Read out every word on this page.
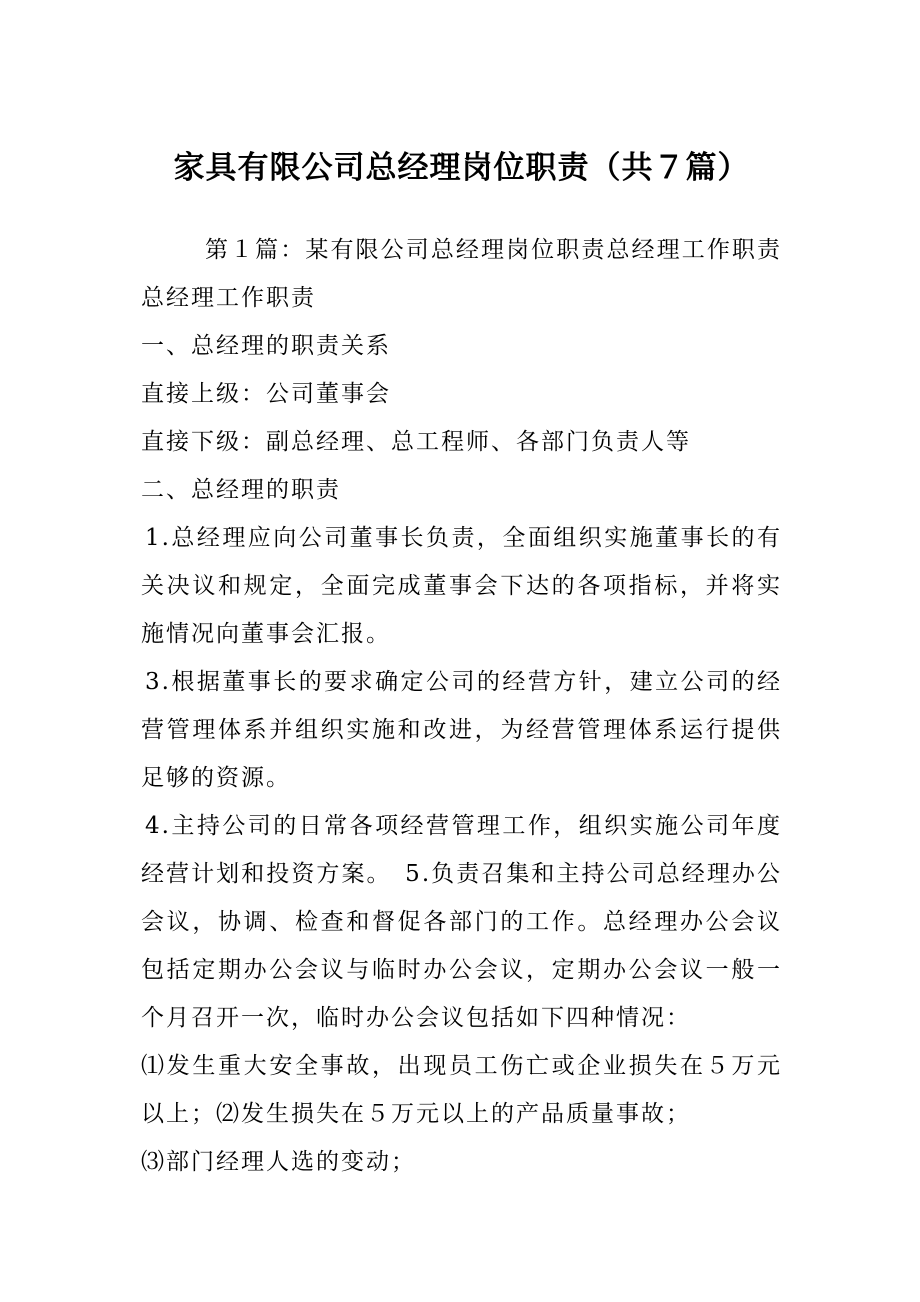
家具有限公司总经理岗位职责（共７篇）

第１篇：某有限公司总经理岗位职责总经理工作职责总经理工作职责

一、总经理的职责关系

直接上级：公司董事会

直接下级：副总经理、总工程师、各部门负责人等

二、总经理的职责

1.总经理应向公司董事长负责，全面组织实施董事长的有关决议和规定，全面完成董事会下达的各项指标，并将实施情况向董事会汇报。

3.根据董事长的要求确定公司的经营方针，建立公司的经营管理体系并组织实施和改进，为经营管理体系运行提供足够的资源。

4.主持公司的日常各项经营管理工作，组织实施公司年度经营计划和投资方案。　5.负责召集和主持公司总经理办公会议，协调、检查和督促各部门的工作。总经理办公会议包括定期办公会议与临时办公会议，定期办公会议一般一个月召开一次，临时办公会议包括如下四种情况：

⑴发生重大安全事故，出现员工伤亡或企业损失在５万元以上；⑵发生损失在５万元以上的产品质量事故；

⑶部门经理人选的变动；
